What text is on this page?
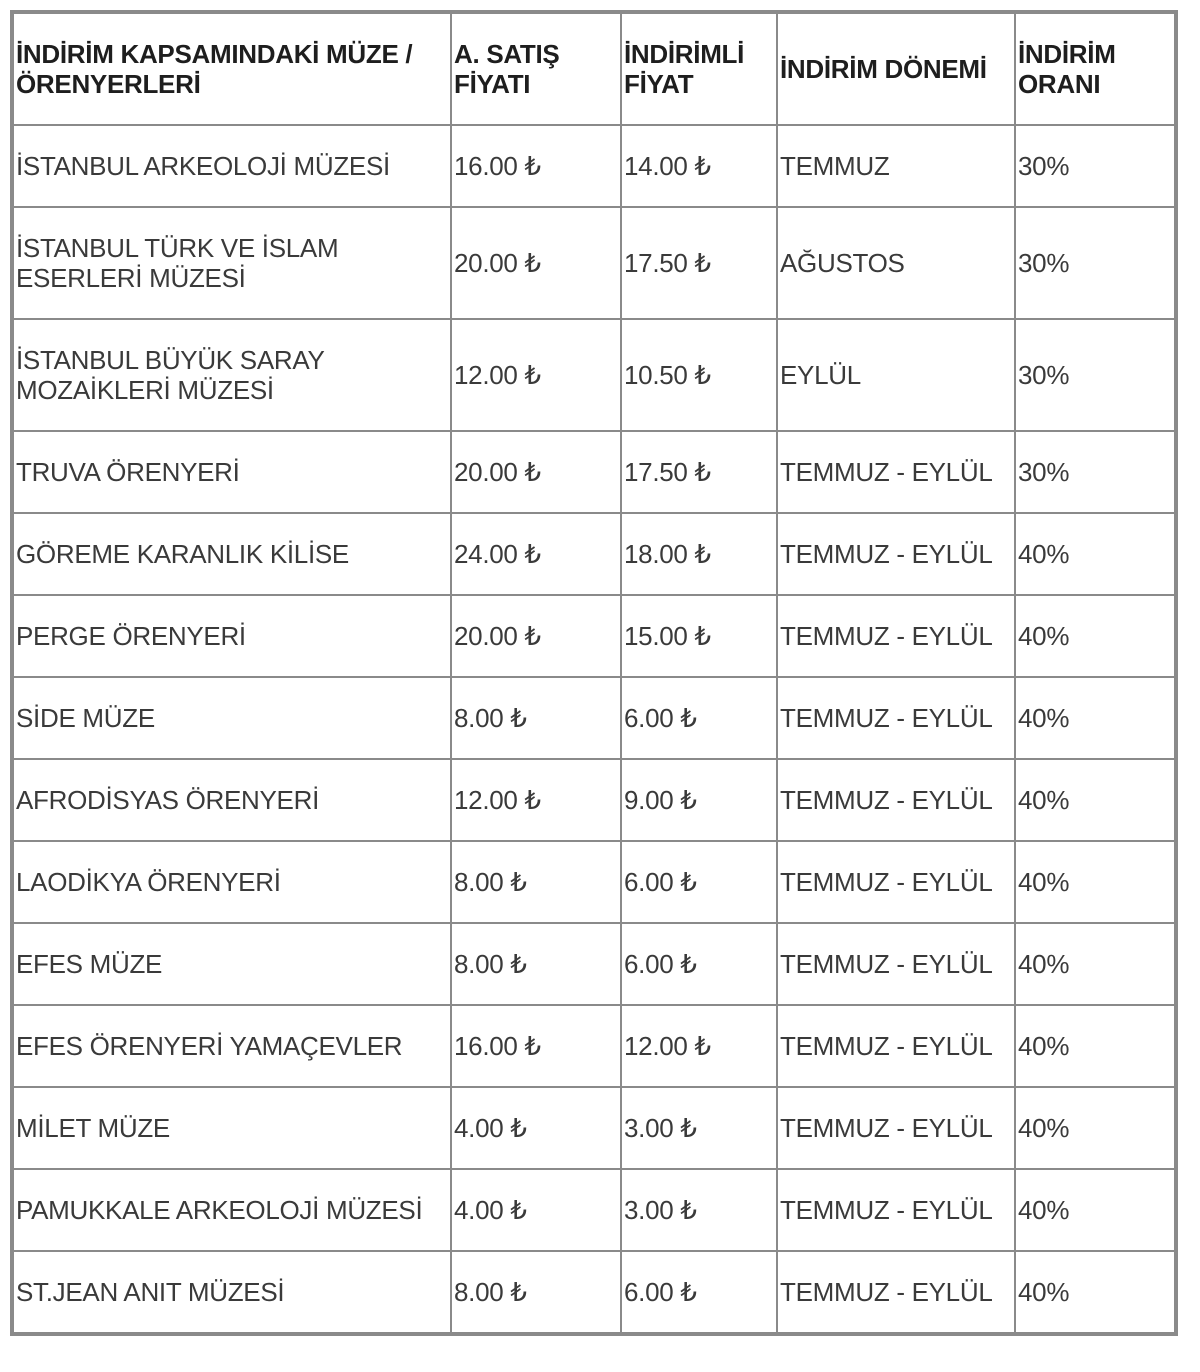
İNDİRİM KAPSAMINDAKİ MÜZE / ÖRENYERLERİ	A. SATIŞ FİYATI	İNDİRİMLİ FİYAT	İNDİRİM DÖNEMİ	İNDİRİM ORANI
İSTANBUL ARKEOLOJİ MÜZESİ	16.00 ₺	14.00 ₺	TEMMUZ	30%
İSTANBUL TÜRK VE İSLAM ESERLERİ MÜZESİ	20.00 ₺	17.50 ₺	AĞUSTOS	30%
İSTANBUL BÜYÜK SARAY MOZAİKLERİ MÜZESİ	12.00 ₺	10.50 ₺	EYLÜL	30%
TRUVA ÖRENYERİ	20.00 ₺	17.50 ₺	TEMMUZ - EYLÜL	30%
GÖREME KARANLIK KİLİSE	24.00 ₺	18.00 ₺	TEMMUZ - EYLÜL	40%
PERGE ÖRENYERİ	20.00 ₺	15.00 ₺	TEMMUZ - EYLÜL	40%
SİDE MÜZE	8.00 ₺	6.00 ₺	TEMMUZ - EYLÜL	40%
AFRODİSYAS ÖRENYERİ	12.00 ₺	9.00 ₺	TEMMUZ - EYLÜL	40%
LAODİKYA ÖRENYERİ	8.00 ₺	6.00 ₺	TEMMUZ - EYLÜL	40%
EFES MÜZE	8.00 ₺	6.00 ₺	TEMMUZ - EYLÜL	40%
EFES ÖRENYERİ YAMAÇEVLER	16.00 ₺	12.00 ₺	TEMMUZ - EYLÜL	40%
MİLET MÜZE	4.00 ₺	3.00 ₺	TEMMUZ - EYLÜL	40%
PAMUKKALE ARKEOLOJİ MÜZESİ	4.00 ₺	3.00 ₺	TEMMUZ - EYLÜL	40%
ST.JEAN ANIT MÜZESİ	8.00 ₺	6.00 ₺	TEMMUZ - EYLÜL	40%
